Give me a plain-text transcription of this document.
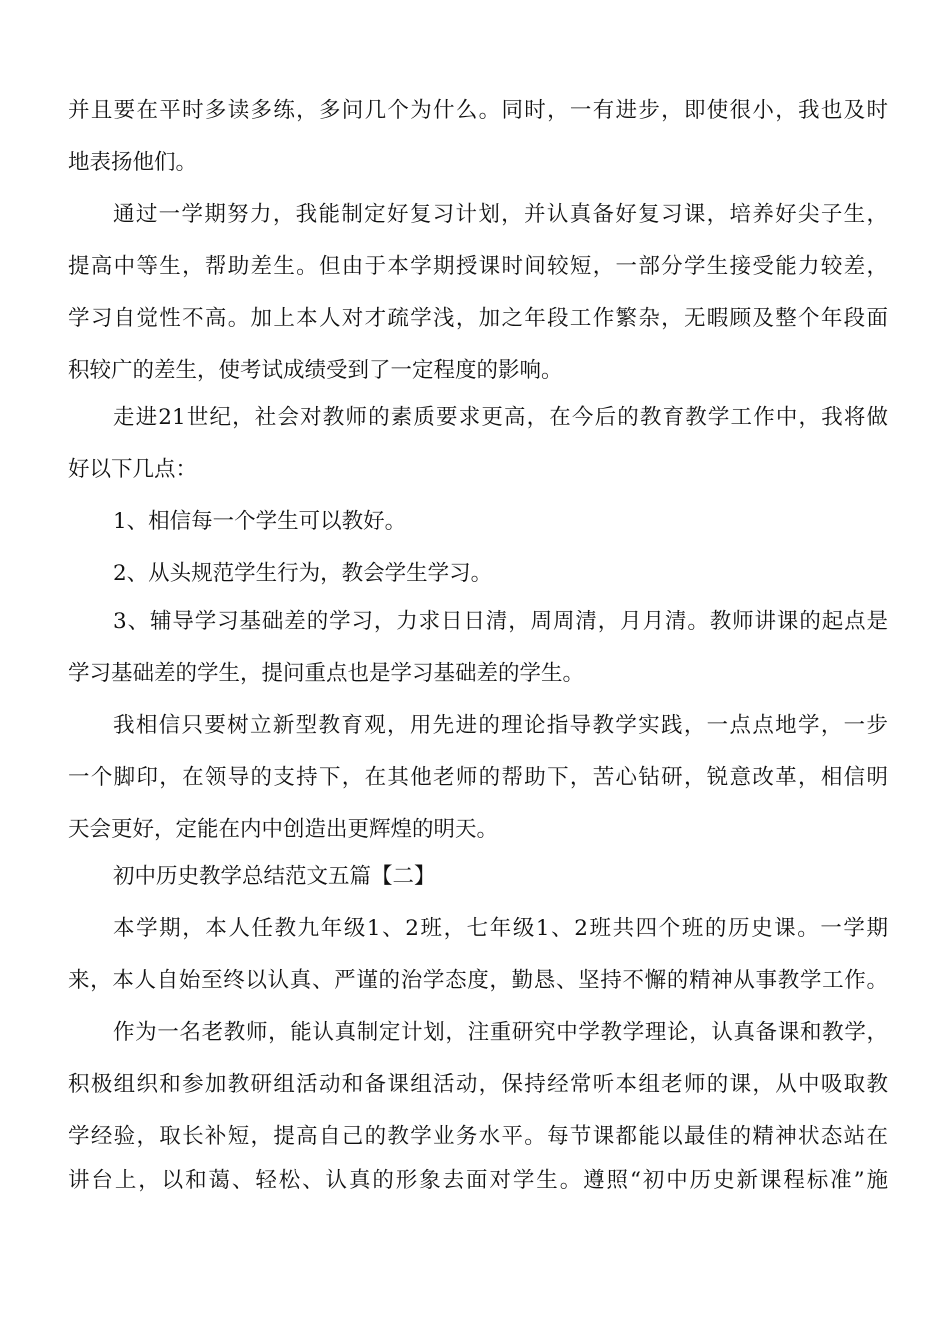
并且要在平时多读多练，多问几个为什么。同时，一有进步，即使很小，我也及时
地表扬他们。
通过一学期努力，我能制定好复习计划，并认真备好复习课，培养好尖子生，
提高中等生，帮助差生。但由于本学期授课时间较短，一部分学生接受能力较差，
学习自觉性不高。加上本人对才疏学浅，加之年段工作繁杂，无暇顾及整个年段面
积较广的差生，使考试成绩受到了一定程度的影响。
走进21世纪，社会对教师的素质要求更高，在今后的教育教学工作中，我将做
好以下几点：
1、相信每一个学生可以教好。
2、从头规范学生行为，教会学生学习。
3、辅导学习基础差的学习，力求日日清，周周清，月月清。教师讲课的起点是
学习基础差的学生，提问重点也是学习基础差的学生。
我相信只要树立新型教育观，用先进的理论指导教学实践，一点点地学，一步
一个脚印，在领导的支持下，在其他老师的帮助下，苦心钻研，锐意改革，相信明
天会更好，定能在内中创造出更辉煌的明天。
初中历史教学总结范文五篇【二】
本学期，本人任教九年级1、2班，七年级1、2班共四个班的历史课。一学期
来，本人自始至终以认真、严谨的治学态度，勤恳、坚持不懈的精神从事教学工作。
作为一名老教师，能认真制定计划，注重研究中学教学理论，认真备课和教学，
积极组织和参加教研组活动和备课组活动，保持经常听本组老师的课，从中吸取教
学经验，取长补短，提高自己的教学业务水平。每节课都能以最佳的精神状态站在
讲台上，以和蔼、轻松、认真的形象去面对学生。遵照“初中历史新课程标准”施
